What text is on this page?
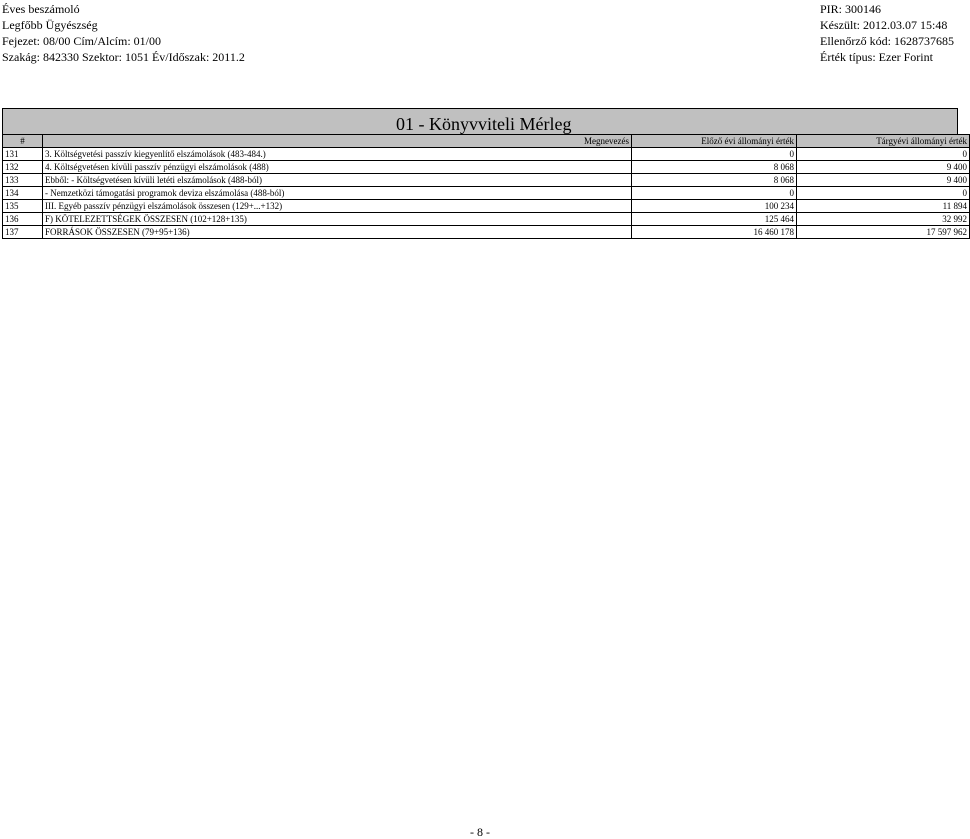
Éves beszámoló
Legfőbb Ügyészség
Fejezet: 08/00 Cím/Alcím: 01/00
Szakág: 842330 Szektor: 1051 Év/Időszak: 2011.2
PIR: 300146
Készült: 2012.03.07 15:48
Ellenőrző kód: 1628737685
Érték típus: Ezer Forint
01 - Könyvviteli Mérleg
#	Megnevezés	Előző évi állományi érték	Tárgyévi állományi érték
131	3. Költségvetési passzív kiegyenlítő elszámolások (483-484.)	0	0
132	4. Költségvetésen kívüli passzív pénzügyi elszámolások (488)	8 068	9 400
133	Ebből: - Költségvetésen kívüli letéti elszámolások (488-ból)	8 068	9 400
134	- Nemzetközi támogatási programok deviza elszámolása (488-ból)	0	0
135	III. Egyéb passzív pénzügyi elszámolások összesen (129+...+132)	100 234	11 894
136	F) KÖTELEZETTSÉGEK ÖSSZESEN (102+128+135)	125 464	32 992
137	FORRÁSOK ÖSSZESEN (79+95+136)	16 460 178	17 597 962
- 8 -
